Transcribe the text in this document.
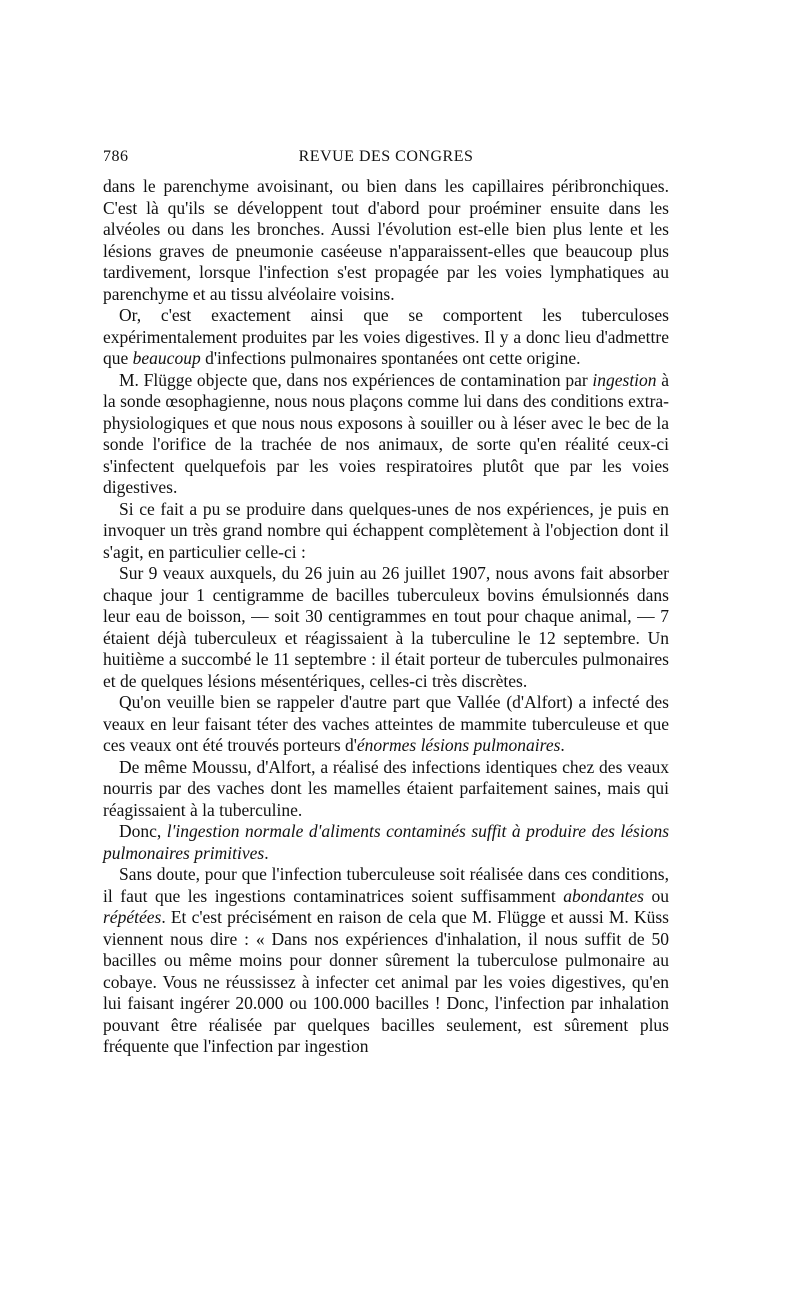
786	REVUE DES CONGRES

dans le parenchyme avoisinant, ou bien dans les capillaires péribronchiques. C'est là qu'ils se développent tout d'abord pour proéminer ensuite dans les alvéoles ou dans les bronches. Aussi l'évolution est-elle bien plus lente et les lésions graves de pneumonie caséeuse n'apparaissent-elles que beaucoup plus tardivement, lorsque l'infection s'est propagée par les voies lymphatiques au parenchyme et au tissu alvéolaire voisins.

Or, c'est exactement ainsi que se comportent les tuberculoses expérimentalement produites par les voies digestives. Il y a donc lieu d'admettre que beaucoup d'infections pulmonaires spontanées ont cette origine.

M. Flügge objecte que, dans nos expériences de contamination par ingestion à la sonde œsophagienne, nous nous plaçons comme lui dans des conditions extra-physiologiques et que nous nous exposons à souiller ou à léser avec le bec de la sonde l'orifice de la trachée de nos animaux, de sorte qu'en réalité ceux-ci s'infectent quelquefois par les voies respiratoires plutôt que par les voies digestives.

Si ce fait a pu se produire dans quelques-unes de nos expériences, je puis en invoquer un très grand nombre qui échappent complètement à l'objection dont il s'agit, en particulier celle-ci :

Sur 9 veaux auxquels, du 26 juin au 26 juillet 1907, nous avons fait absorber chaque jour 1 centigramme de bacilles tuberculeux bovins émulsionnés dans leur eau de boisson, — soit 30 centigrammes en tout pour chaque animal, — 7 étaient déjà tuberculeux et réagissaient à la tuberculine le 12 septembre. Un huitième a succombé le 11 septembre : il était porteur de tubercules pulmonaires et de quelques lésions mésentériques, celles-ci très discrètes.

Qu'on veuille bien se rappeler d'autre part que Vallée (d'Alfort) a infecté des veaux en leur faisant téter des vaches atteintes de mammite tuberculeuse et que ces veaux ont été trouvés porteurs d'énormes lésions pulmonaires.

De même Moussu, d'Alfort, a réalisé des infections identiques chez des veaux nourris par des vaches dont les mamelles étaient parfaitement saines, mais qui réagissaient à la tuberculine.

Donc, l'ingestion normale d'aliments contaminés suffit à produire des lésions pulmonaires primitives.

Sans doute, pour que l'infection tuberculeuse soit réalisée dans ces conditions, il faut que les ingestions contaminatrices soient suffisamment abondantes ou répétées. Et c'est précisément en raison de cela que M. Flügge et aussi M. Küss viennent nous dire : « Dans nos expériences d'inhalation, il nous suffit de 50 bacilles ou même moins pour donner sûrement la tuberculose pulmonaire au cobaye. Vous ne réussissez à infecter cet animal par les voies digestives, qu'en lui faisant ingérer 20.000 ou 100.000 bacilles ! Donc, l'infection par inhalation pouvant être réalisée par quelques bacilles seulement, est sûrement plus fréquente que l'infection par ingestion
